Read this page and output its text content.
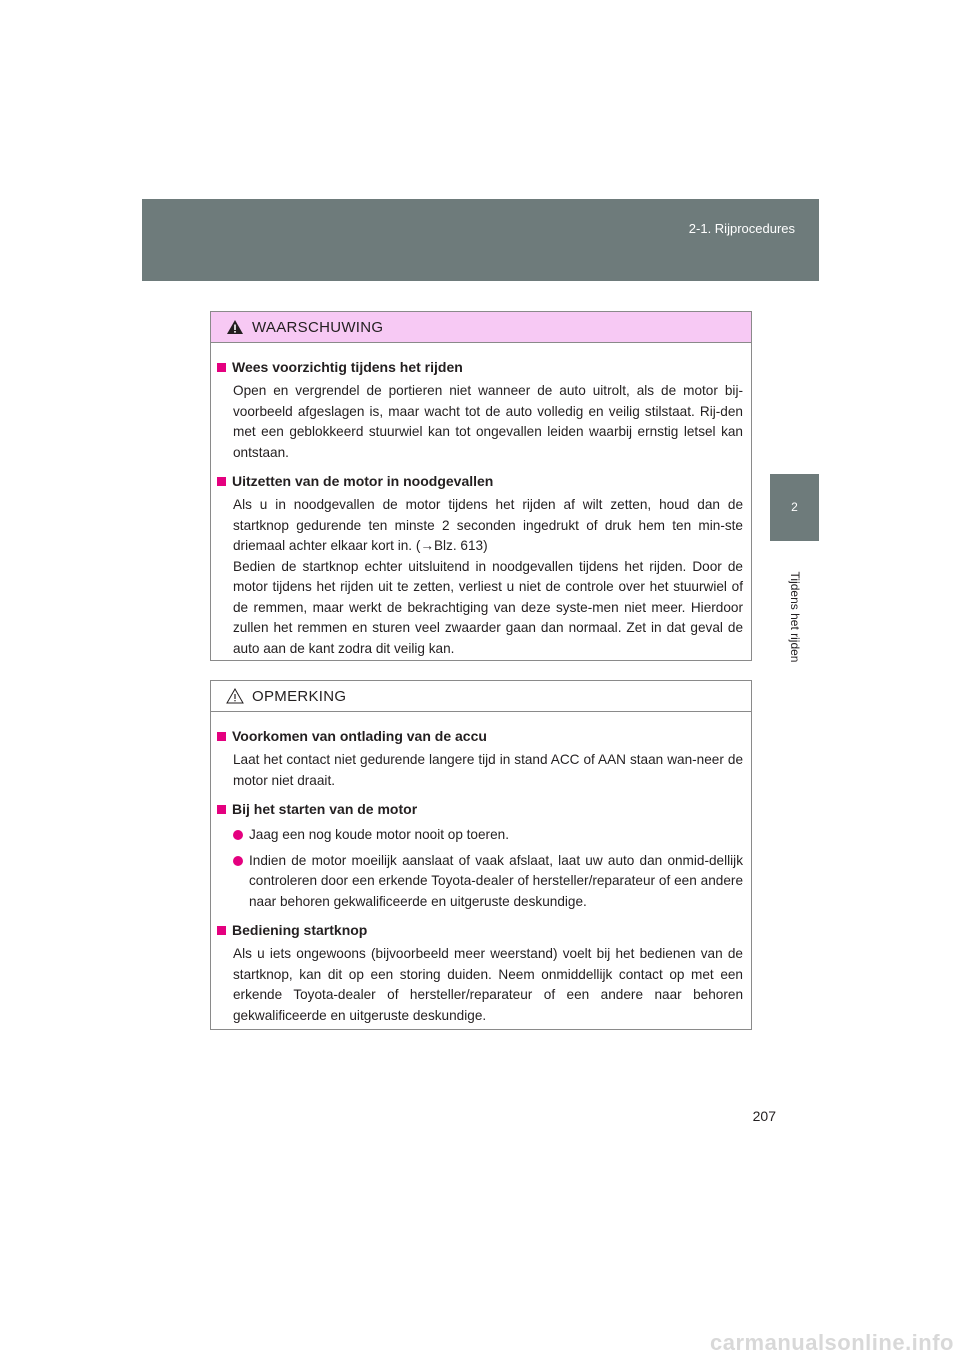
2-1. Rijprocedures
2
Tijdens het rijden
WAARSCHUWING
Wees voorzichtig tijdens het rijden
Open en vergrendel de portieren niet wanneer de auto uitrolt, als de motor bij-voorbeeld afgeslagen is, maar wacht tot de auto volledig en veilig stilstaat. Rij-den met een geblokkeerd stuurwiel kan tot ongevallen leiden waarbij ernstig letsel kan ontstaan.
Uitzetten van de motor in noodgevallen
Als u in noodgevallen de motor tijdens het rijden af wilt zetten, houd dan de startknop gedurende ten minste 2 seconden ingedrukt of druk hem ten min-ste driemaal achter elkaar kort in. (→Blz. 613)
Bedien de startknop echter uitsluitend in noodgevallen tijdens het rijden. Door de motor tijdens het rijden uit te zetten, verliest u niet de controle over het stuurwiel of de remmen, maar werkt de bekrachtiging van deze syste-men niet meer. Hierdoor zullen het remmen en sturen veel zwaarder gaan dan normaal. Zet in dat geval de auto aan de kant zodra dit veilig kan.
OPMERKING
Voorkomen van ontlading van de accu
Laat het contact niet gedurende langere tijd in stand ACC of AAN staan wan-neer de motor niet draait.
Bij het starten van de motor
Jaag een nog koude motor nooit op toeren.
Indien de motor moeilijk aanslaat of vaak afslaat, laat uw auto dan onmid-dellijk controleren door een erkende Toyota-dealer of hersteller/reparateur of een andere naar behoren gekwalificeerde en uitgeruste deskundige.
Bediening startknop
Als u iets ongewoons (bijvoorbeeld meer weerstand) voelt bij het bedienen van de startknop, kan dit op een storing duiden. Neem onmiddellijk contact op met een erkende Toyota-dealer of hersteller/reparateur of een andere naar behoren gekwalificeerde en uitgeruste deskundige.
207
carmanualsonline.info
